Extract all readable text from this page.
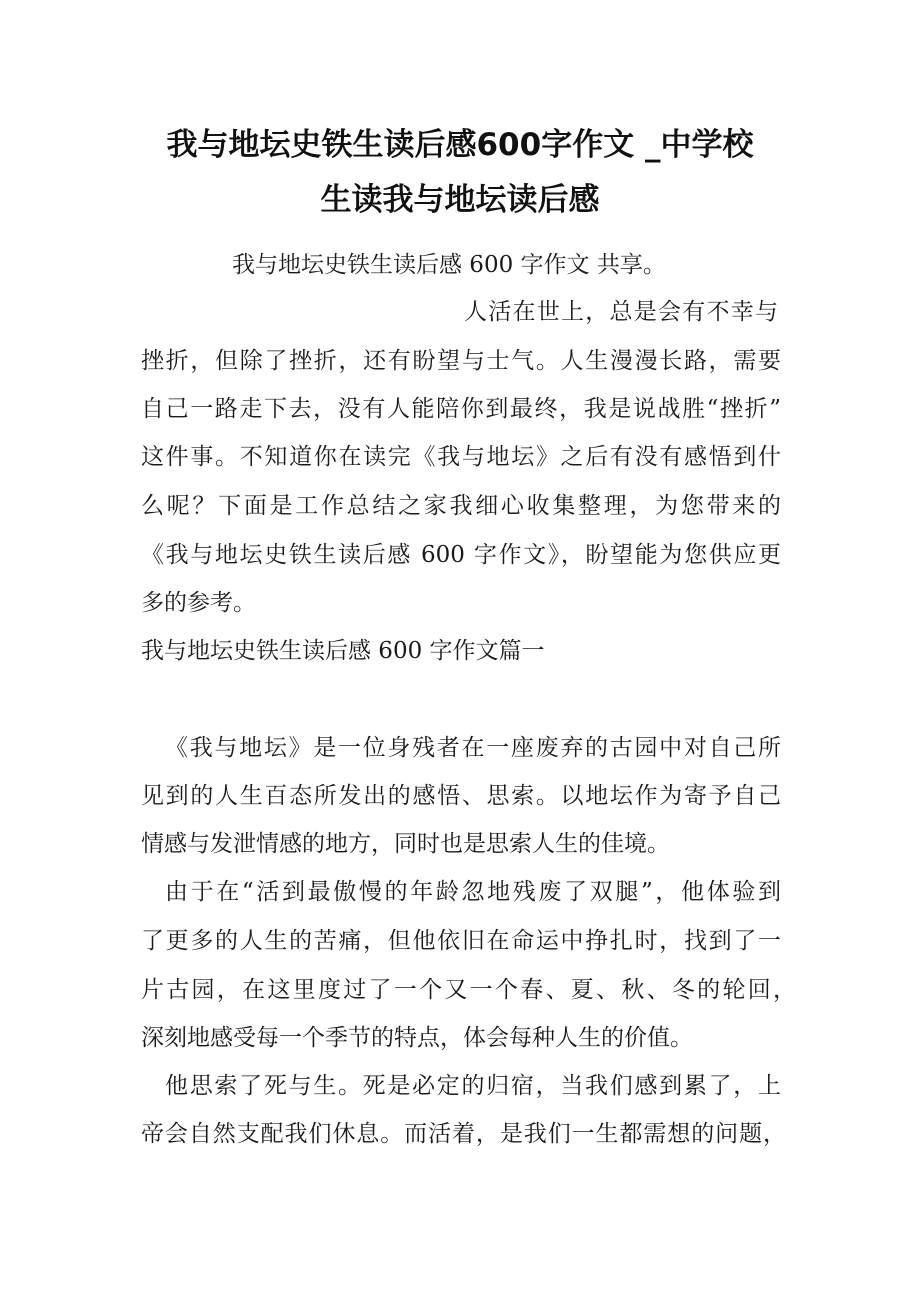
我与地坛史铁生读后感600字作文 _中学校
生读我与地坛读后感
我与地坛史铁生读后感 600 字作文 共享。
人活在世上，总是会有不幸与
挫折，但除了挫折，还有盼望与士气。人生漫漫长路，需要
自己一路走下去，没有人能陪你到最终，我是说战胜“挫折”
这件事。不知道你在读完《我与地坛》之后有没有感悟到什
么呢？下面是工作总结之家我细心收集整理，为您带来的
《我与地坛史铁生读后感 600 字作文》，盼望能为您供应更
多的参考。
我与地坛史铁生读后感 600 字作文篇一
《我与地坛》是一位身残者在一座废弃的古园中对自己所
见到的人生百态所发出的感悟、思索。以地坛作为寄予自己
情感与发泄情感的地方，同时也是思索人生的佳境。
由于在“活到最傲慢的年龄忽地残废了双腿”，他体验到
了更多的人生的苦痛，但他依旧在命运中挣扎时，找到了一
片古园，在这里度过了一个又一个春、夏、秋、冬的轮回，
深刻地感受每一个季节的特点，体会每种人生的价值。
他思索了死与生。死是必定的归宿，当我们感到累了，上
帝会自然支配我们休息。而活着，是我们一生都需想的问题，
